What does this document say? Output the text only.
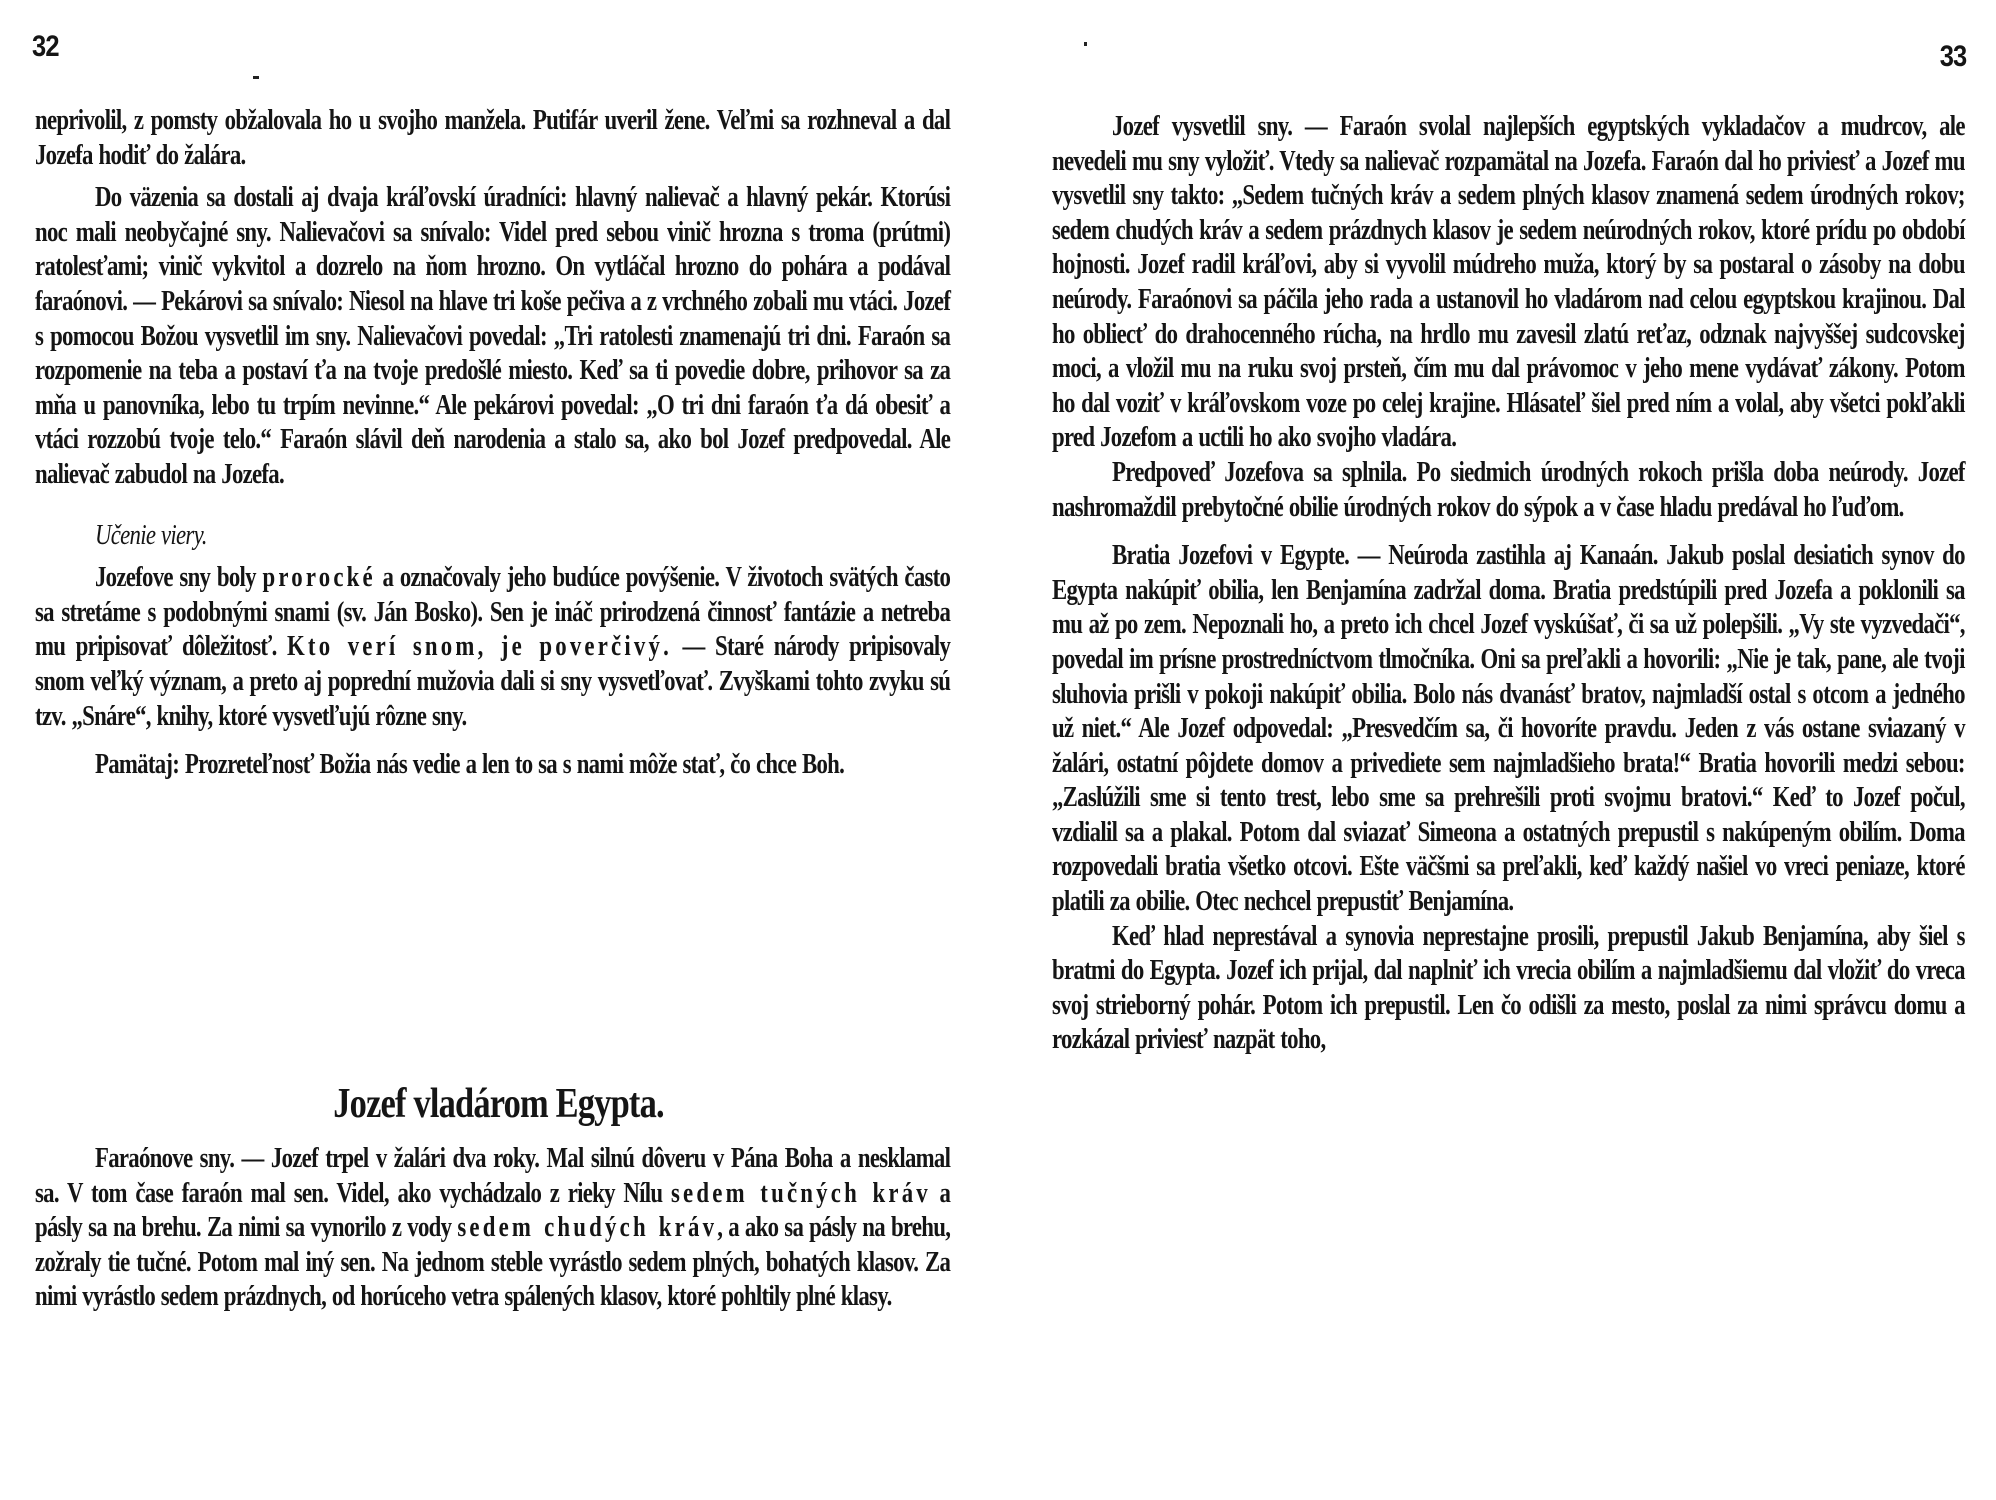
32

neprivolil, z pomsty obžalovala ho u svojho manžela. Putifár uveril žene. Veľmi sa rozhneval a dal Jozefa hodiť do žalára.

Do väzenia sa dostali aj dvaja kráľovskí úradníci: hlavný nalievač a hlavný pekár. Ktorúsi noc mali neobyčajné sny. Nalievačovi sa snívalo: Videl pred sebou vinič hrozna s troma (prútmi) ratolesťami; vinič vykvitol a dozrelo na ňom hrozno. On vytláčal hrozno do pohára a podával faraónovi. — Pekárovi sa snívalo: Niesol na hlave tri koše pečiva a z vrchného zobali mu vtáci. Jozef s pomocou Božou vysvetlil im sny. Nalievačovi povedal: „Tri ratolesti znamenajú tri dni. Faraón sa rozpomenie na teba a postaví ťa na tvoje predošlé miesto. Keď sa ti povedie dobre, prihovor sa za mňa u panovníka, lebo tu trpím nevinne.“ Ale pekárovi povedal: „O tri dni faraón ťa dá obesiť a vtáci rozzobú tvoje telo.“ Faraón slávil deň narodenia a stalo sa, ako bol Jozef predpovedal. Ale nalievač zabudol na Jozefa.

Učenie viery.

Jozefove sny boly prorocké a označovaly jeho budúce povýšenie. V životoch svätých často sa stretáme s podobnými snami (sv. Ján Bosko). Sen je ináč prirodzená činnosť fantázie a netreba mu pripisovať dôležitosť. Kto verí snom, je poverčivý. — Staré národy pripisovaly snom veľký význam, a preto aj poprední mužovia dali si sny vysvetľovať. Zvyškami tohto zvyku sú tzv. „Snáre“, knihy, ktoré vysvetľujú rôzne sny.

Pamätaj: Prozreteľnosť Božia nás vedie a len to sa s nami môže stať, čo chce Boh.

Jozef vladárom Egypta.

Faraónove sny. — Jozef trpel v žalári dva roky. Mal silnú dôveru v Pána Boha a nesklamal sa. V tom čase faraón mal sen. Videl, ako vychádzalo z rieky Nílu sedem tučných kráv a pásly sa na brehu. Za nimi sa vynorilo z vody sedem chudých kráv, a ako sa pásly na brehu, zožraly tie tučné. Potom mal iný sen. Na jednom steble vyrástlo sedem plných, bohatých klasov. Za nimi vyrástlo sedem prázdnych, od horúceho vetra spálených klasov, ktoré pohltily plné klasy.

33

Jozef vysvetlil sny. — Faraón svolal najlepších egyptských vykladačov a mudrcov, ale nevedeli mu sny vyložiť. Vtedy sa nalievač rozpamätal na Jozefa. Faraón dal ho priviesť a Jozef mu vysvetlil sny takto: „Sedem tučných kráv a sedem plných klasov znamená sedem úrodných rokov; sedem chudých kráv a sedem prázdnych klasov je sedem neúrodných rokov, ktoré prídu po období hojnosti. Jozef radil kráľovi, aby si vyvolil múdreho muža, ktorý by sa postaral o zásoby na dobu neúrody. Faraónovi sa páčila jeho rada a ustanovil ho vladárom nad celou egyptskou krajinou. Dal ho obliecť do drahocenného rúcha, na hrdlo mu zavesil zlatú reťaz, odznak najvyššej sudcovskej moci, a vložil mu na ruku svoj prsteň, čím mu dal právomoc v jeho mene vydávať zákony. Potom ho dal voziť v kráľovskom voze po celej krajine. Hlásateľ šiel pred ním a volal, aby všetci pokľakli pred Jozefom a uctili ho ako svojho vladára.

Predpoveď Jozefova sa splnila. Po siedmich úrodných rokoch prišla doba neúrody. Jozef nashromaždil prebytočné obilie úrodných rokov do sýpok a v čase hladu predával ho ľuďom.

Bratia Jozefovi v Egypte. — Neúroda zastihla aj Kanaán. Jakub poslal desiatich synov do Egypta nakúpiť obilia, len Benjamína zadržal doma. Bratia predstúpili pred Jozefa a poklonili sa mu až po zem. Nepoznali ho, a preto ich chcel Jozef vyskúšať, či sa už polepšili. „Vy ste vyzvedači“, povedal im prísne prostredníctvom tlmočníka. Oni sa preľakli a hovorili: „Nie je tak, pane, ale tvoji sluhovia prišli v pokoji nakúpiť obilia. Bolo nás dvanásť bratov, najmladší ostal s otcom a jedného už niet.“ Ale Jozef odpovedal: „Presvedčím sa, či hovoríte pravdu. Jeden z vás ostane sviazaný v žalári, ostatní pôjdete domov a privediete sem najmladšieho brata!“ Bratia hovorili medzi sebou: „Zaslúžili sme si tento trest, lebo sme sa prehrešili proti svojmu bratovi.“ Keď to Jozef počul, vzdialil sa a plakal. Potom dal sviazať Simeona a ostatných prepustil s nakúpeným obilím. Doma rozpovedali bratia všetko otcovi. Ešte väčšmi sa preľakli, keď každý našiel vo vreci peniaze, ktoré platili za obilie. Otec nechcel prepustiť Benjamína.

Keď hlad neprestával a synovia neprestajne prosili, prepustil Jakub Benjamína, aby šiel s bratmi do Egypta. Jozef ich prijal, dal naplniť ich vrecia obilím a najmladšiemu dal vložiť do vreca svoj strieborný pohár. Potom ich prepustil. Len čo odišli za mesto, poslal za nimi správcu domu a rozkázal priviesť nazpät toho,
